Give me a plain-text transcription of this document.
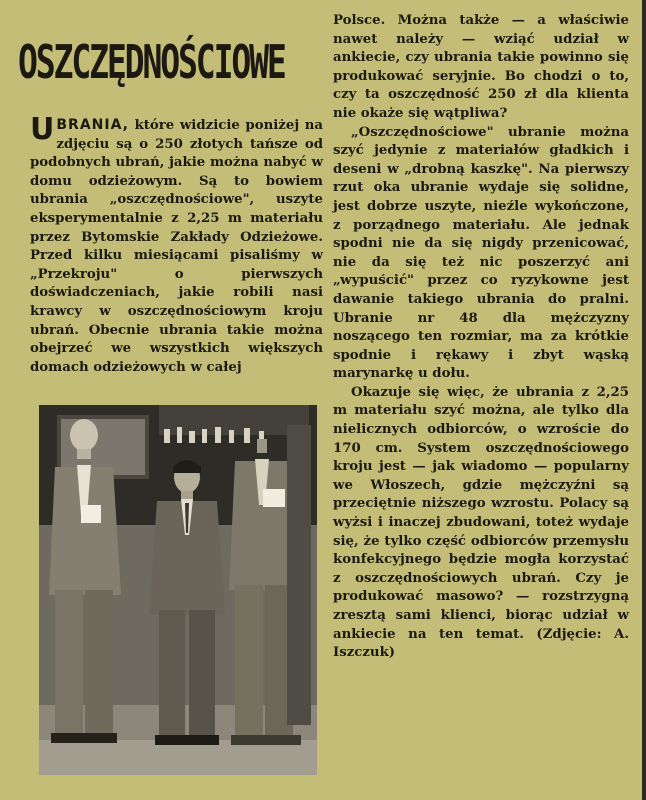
OSZCZĘDNOŚCIOWE

UBRANIA, które widzicie poniżej na zdjęciu są o 250 złotych tańsze od podobnych ubrań, jakie można nabyć w domu odzieżowym. Są to bowiem ubrania „oszczędnościowe", uszyte eksperymentalnie z 2,25 m materiału przez Bytomskie Zakłady Odzieżowe. Przed kilku miesiącami pisaliśmy w „Przekroju" o pierwszych doświadczeniach, jakie robili nasi krawcy w oszczędnościowym kroju ubrań. Obecnie ubrania takie można obejrzeć we wszystkich większych domach odzieżowych w całej

Polsce. Można także — a właściwie nawet należy — wziąć udział w ankiecie, czy ubrania takie powinno się produkować seryjnie. Bo chodzi o to, czy ta oszczędność 250 zł dla klienta nie okaże się wątpliwa?

„Oszczędnościowe" ubranie można szyć jedynie z materiałów gładkich i deseni w „drobną kaszkę". Na pierwszy rzut oka ubranie wydaje się solidne, jest dobrze uszyte, nieźle wykończone, z porządnego materiału. Ale jednak spodni nie da się nigdy przenicować, nie da się też nic poszerzyć ani „wypuścić" przez co ryzykowne jest dawanie takiego ubrania do pralni. Ubranie nr 48 dla mężczyzny noszącego ten rozmiar, ma za krótkie spodnie i rękawy i zbyt wąską marynarkę u dołu.

Okazuje się więc, że ubrania z 2,25 m materiału szyć można, ale tylko dla nielicznych odbiorców, o wzroście do 170 cm. System oszczędnościowego kroju jest — jak wiadomo — popularny we Włoszech, gdzie mężczyźni są przeciętnie niższego wzrostu. Polacy są wyżsi i inaczej zbudowani, toteż wydaje się, że tylko część odbiorców przemysłu konfekcyjnego będzie mogła korzystać z oszczędnościowych ubrań. Czy je produkować masowo? — rozstrzygną zresztą sami klienci, biorąc udział w ankiecie na ten temat. (Zdjęcie: A. Iszczuk)
